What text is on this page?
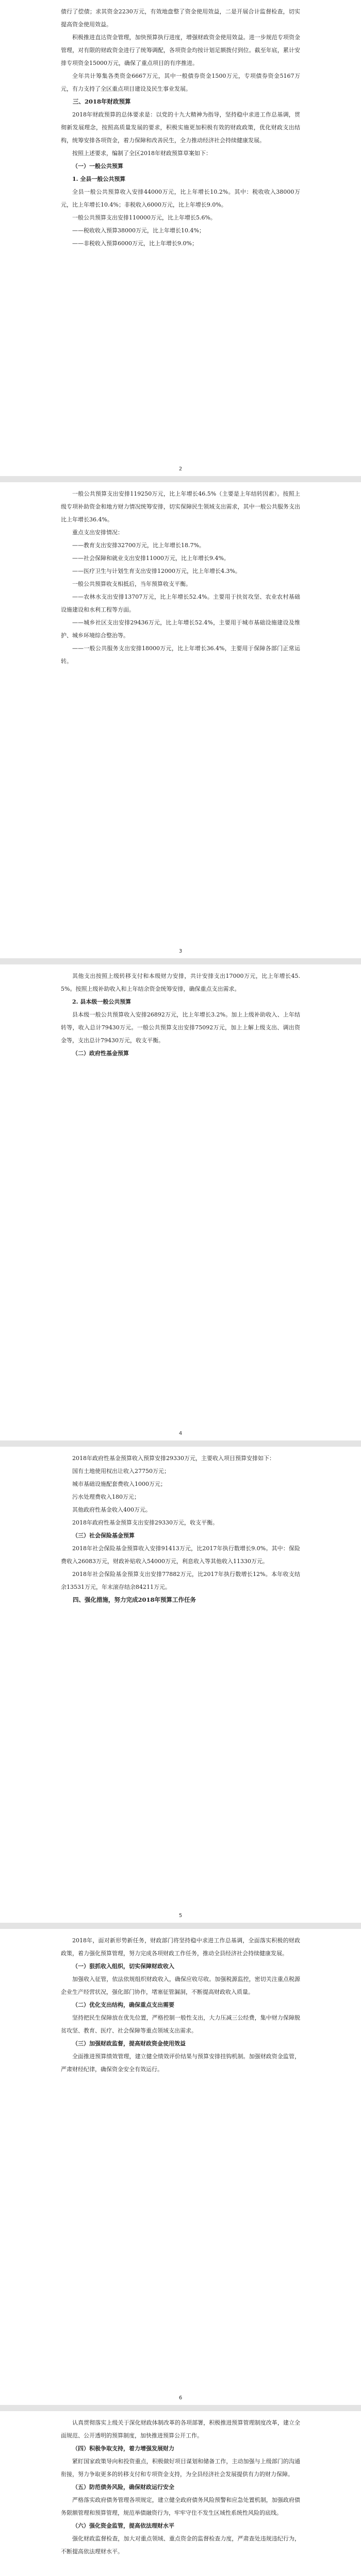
债行了偿债；求其资金2230万元，有效地盘整了资金使用效益，二是开展合计监督检查，切实提高资金使用效益。

积极推进直达资金管理，加快预算执行进度，增强财政资金使用效益。进一步规范专项资金管理，对有限的财政资金进行了统筹调配，各项资金均按计划足额拨付到位。截至年底，累计安排专项资金15000万元，确保了重点项目的有序推进。

全年共计筹集各类资金6667万元，其中一般债券资金1500万元，专项债券资金5167万元，有力支持了全区重点项目建设及民生事业发展。

三、2018年财政预算

2018年财政预算的总体要求是：以党的十九大精神为指导，坚持稳中求进工作总基调，贯彻新发展理念，按照高质量发展的要求，积极实施更加积极有效的财政政策，优化财政支出结构，统筹安排各项资金，着力保障和改善民生，全力推动经济社会持续健康发展。

按照上述要求，编制了全区2018年财政预算草案如下：

（一）一般公共预算
1. 全县一般公共预算

全县一般公共预算收入安排44000万元，比上年增长10.2%。其中：税收收入38000万元，比上年增长10.4%；非税收入6000万元，比上年增长9.0%。

一般公共预算支出安排110000万元，比上年增长5.6%。

——税收收入预算38000万元，比上年增长10.4%；

——非税收入预算6000万元，比上年增长9.0%；

2

一般公共预算支出安排119250万元，比上年增长46.5%（主要是上年结转因素）。按照上级专项补助资金和地方财力情况统筹安排，切实保障民生领域支出需求，其中一般公共服务支出比上年增长36.4%。

重点支出安排情况：

——教育支出安排32700万元，比上年增长18.7%。

——社会保障和就业支出安排11000万元，比上年增长9.4%。

——医疗卫生与计划生育支出安排12000万元，比上年增长4.3%。

一般公共预算收支相抵后，当年预算收支平衡。

——农林水支出安排13707万元，比上年增长52.4%。主要用于扶贫攻坚、农业农村基础设施建设和水利工程等方面。

——城乡社区支出安排29436万元，比上年增长52.4%，主要用于城市基础设施建设及维护、城乡环境综合整治等。

——一般公共服务支出安排18000万元，比上年增长36.4%，主要用于保障各部门正常运转。

3

其他支出按照上级转移支付和本级财力安排，共计安排支出17000万元，比上年增长45.5%。按照上级补助收入和上年结余资金统筹安排，确保重点支出需求。

2. 县本级一般公共预算

县本级一般公共预算收入安排26892万元，比上年增长3.2%。加上上级补助收入、上年结转等，收入总计79430万元。一般公共预算支出安排75092万元，加上上解上级支出、调出资金等，支出总计79430万元，收支平衡。

（二）政府性基金预算
4

2018年政府性基金预算收入预算安排29330万元，主要收入项目预算安排如下：

国有土地使用权出让收入27750万元；

城市基础设施配套费收入1000万元；

污水处理费收入180万元；

其他政府性基金收入400万元。

2018年政府性基金预算支出安排29330万元，收支平衡。

（三）社会保险基金预算

2018年社会保险基金预算收入安排91413万元，比2017年执行数增长9.0%。其中：保险费收入26083万元，财政补贴收入54000万元，利息收入等其他收入11330万元。

2018年社会保险基金预算支出安排77882万元，比2017年执行数增长12%。本年收支结余13531万元，年末滚存结余84211万元。

四、强化措施，努力完成2018年预算工作任务
5

2018年，面对新形势新任务，财政部门将坚持稳中求进工作总基调，全面落实积极的财政政策，着力强化预算管理，努力完成各项财政工作任务，推动全县经济社会持续健康发展。

（一）狠抓收入组织，切实保障财政收入

加强收入征管，依法依规组织财政收入，确保应收尽收。加强税源监控，密切关注重点税源企业生产经营状况，强化部门协作，堵塞征管漏洞，不断提高财政收入质量。

（二）优化支出结构，确保重点支出需要

坚持把民生保障放在优先位置，严格控制一般性支出，大力压减三公经费，集中财力保障脱贫攻坚、教育、医疗、社会保障等重点领域支出需求。

（三）加强财政监督，提高财政资金使用效益

全面推进预算绩效管理，建立健全绩效评价结果与预算安排挂钩机制。加强财政资金监管，严肃财经纪律，确保资金安全有效运行。

6

认真贯彻落实上级关于深化财政体制改革的各项部署，积极推进预算管理制度改革，建立全面规范、公开透明的预算制度，加快推进预算公开工作。

（四）积极争取支持，着力增强发展财力

紧盯国家政策导向和投资重点，积极做好项目谋划和储备工作，主动加强与上级部门的沟通衔接，努力争取更多的转移支付和专项资金支持，为全县经济社会发展提供有力的财力保障。

（五）防范债务风险，确保财政运行安全

严格落实政府债务管理各项规定，建立健全政府债务风险预警和应急处置机制，加强政府债务限额管理和预算管理，规范举债融资行为，牢牢守住不发生区域性系统性风险的底线。

（六）强化资金监管，提高依法理财水平

强化财政监督检查，加大对重点领域、重点资金的监督检查力度，严肃查处违规违纪行为，不断提高依法理财水平。
